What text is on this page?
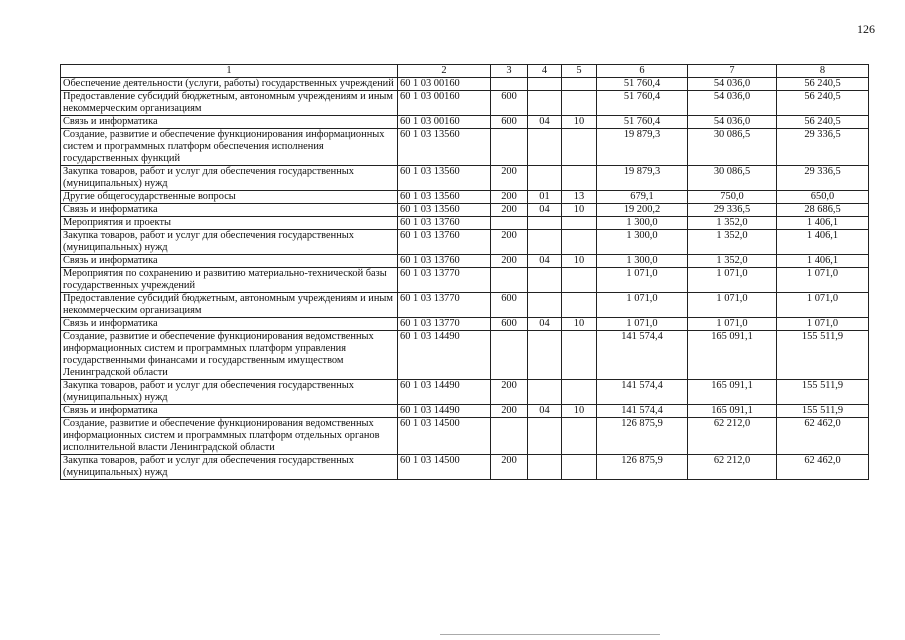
126
1	2	3	4	5	6	7	8
Обеспечение деятельности (услуги, работы) государственных учреждений	60 1 03 00160				51 760,4	54 036,0	56 240,5
Предоставление субсидий бюджетным, автономным учреждениям и иным некоммерческим организациям	60 1 03 00160	600			51 760,4	54 036,0	56 240,5
Связь и информатика	60 1 03 00160	600	04	10	51 760,4	54 036,0	56 240,5
Создание, развитие и обеспечение функционирования информационных систем и программных платформ обеспечения исполнения государственных функций	60 1 03 13560				19 879,3	30 086,5	29 336,5
Закупка товаров, работ и услуг для обеспечения государственных (муниципальных) нужд	60 1 03 13560	200			19 879,3	30 086,5	29 336,5
Другие общегосударственные вопросы	60 1 03 13560	200	01	13	679,1	750,0	650,0
Связь и информатика	60 1 03 13560	200	04	10	19 200,2	29 336,5	28 686,5
Мероприятия и проекты	60 1 03 13760				1 300,0	1 352,0	1 406,1
Закупка товаров, работ и услуг для обеспечения государственных (муниципальных) нужд	60 1 03 13760	200			1 300,0	1 352,0	1 406,1
Связь и информатика	60 1 03 13760	200	04	10	1 300,0	1 352,0	1 406,1
Мероприятия по сохранению и развитию материально-технической базы государственных учреждений	60 1 03 13770				1 071,0	1 071,0	1 071,0
Предоставление субсидий бюджетным, автономным учреждениям и иным некоммерческим организациям	60 1 03 13770	600			1 071,0	1 071,0	1 071,0
Связь и информатика	60 1 03 13770	600	04	10	1 071,0	1 071,0	1 071,0
Создание, развитие и обеспечение функционирования ведомственных информационных систем и программных платформ управления государственными финансами и государственным имуществом Ленинградской области	60 1 03 14490				141 574,4	165 091,1	155 511,9
Закупка товаров, работ и услуг для обеспечения государственных (муниципальных) нужд	60 1 03 14490	200			141 574,4	165 091,1	155 511,9
Связь и информатика	60 1 03 14490	200	04	10	141 574,4	165 091,1	155 511,9
Создание, развитие и обеспечение функционирования ведомственных информационных систем и программных платформ отдельных органов исполнительной власти Ленинградской области	60 1 03 14500				126 875,9	62 212,0	62 462,0
Закупка товаров, работ и услуг для обеспечения государственных (муниципальных) нужд	60 1 03 14500	200			126 875,9	62 212,0	62 462,0
